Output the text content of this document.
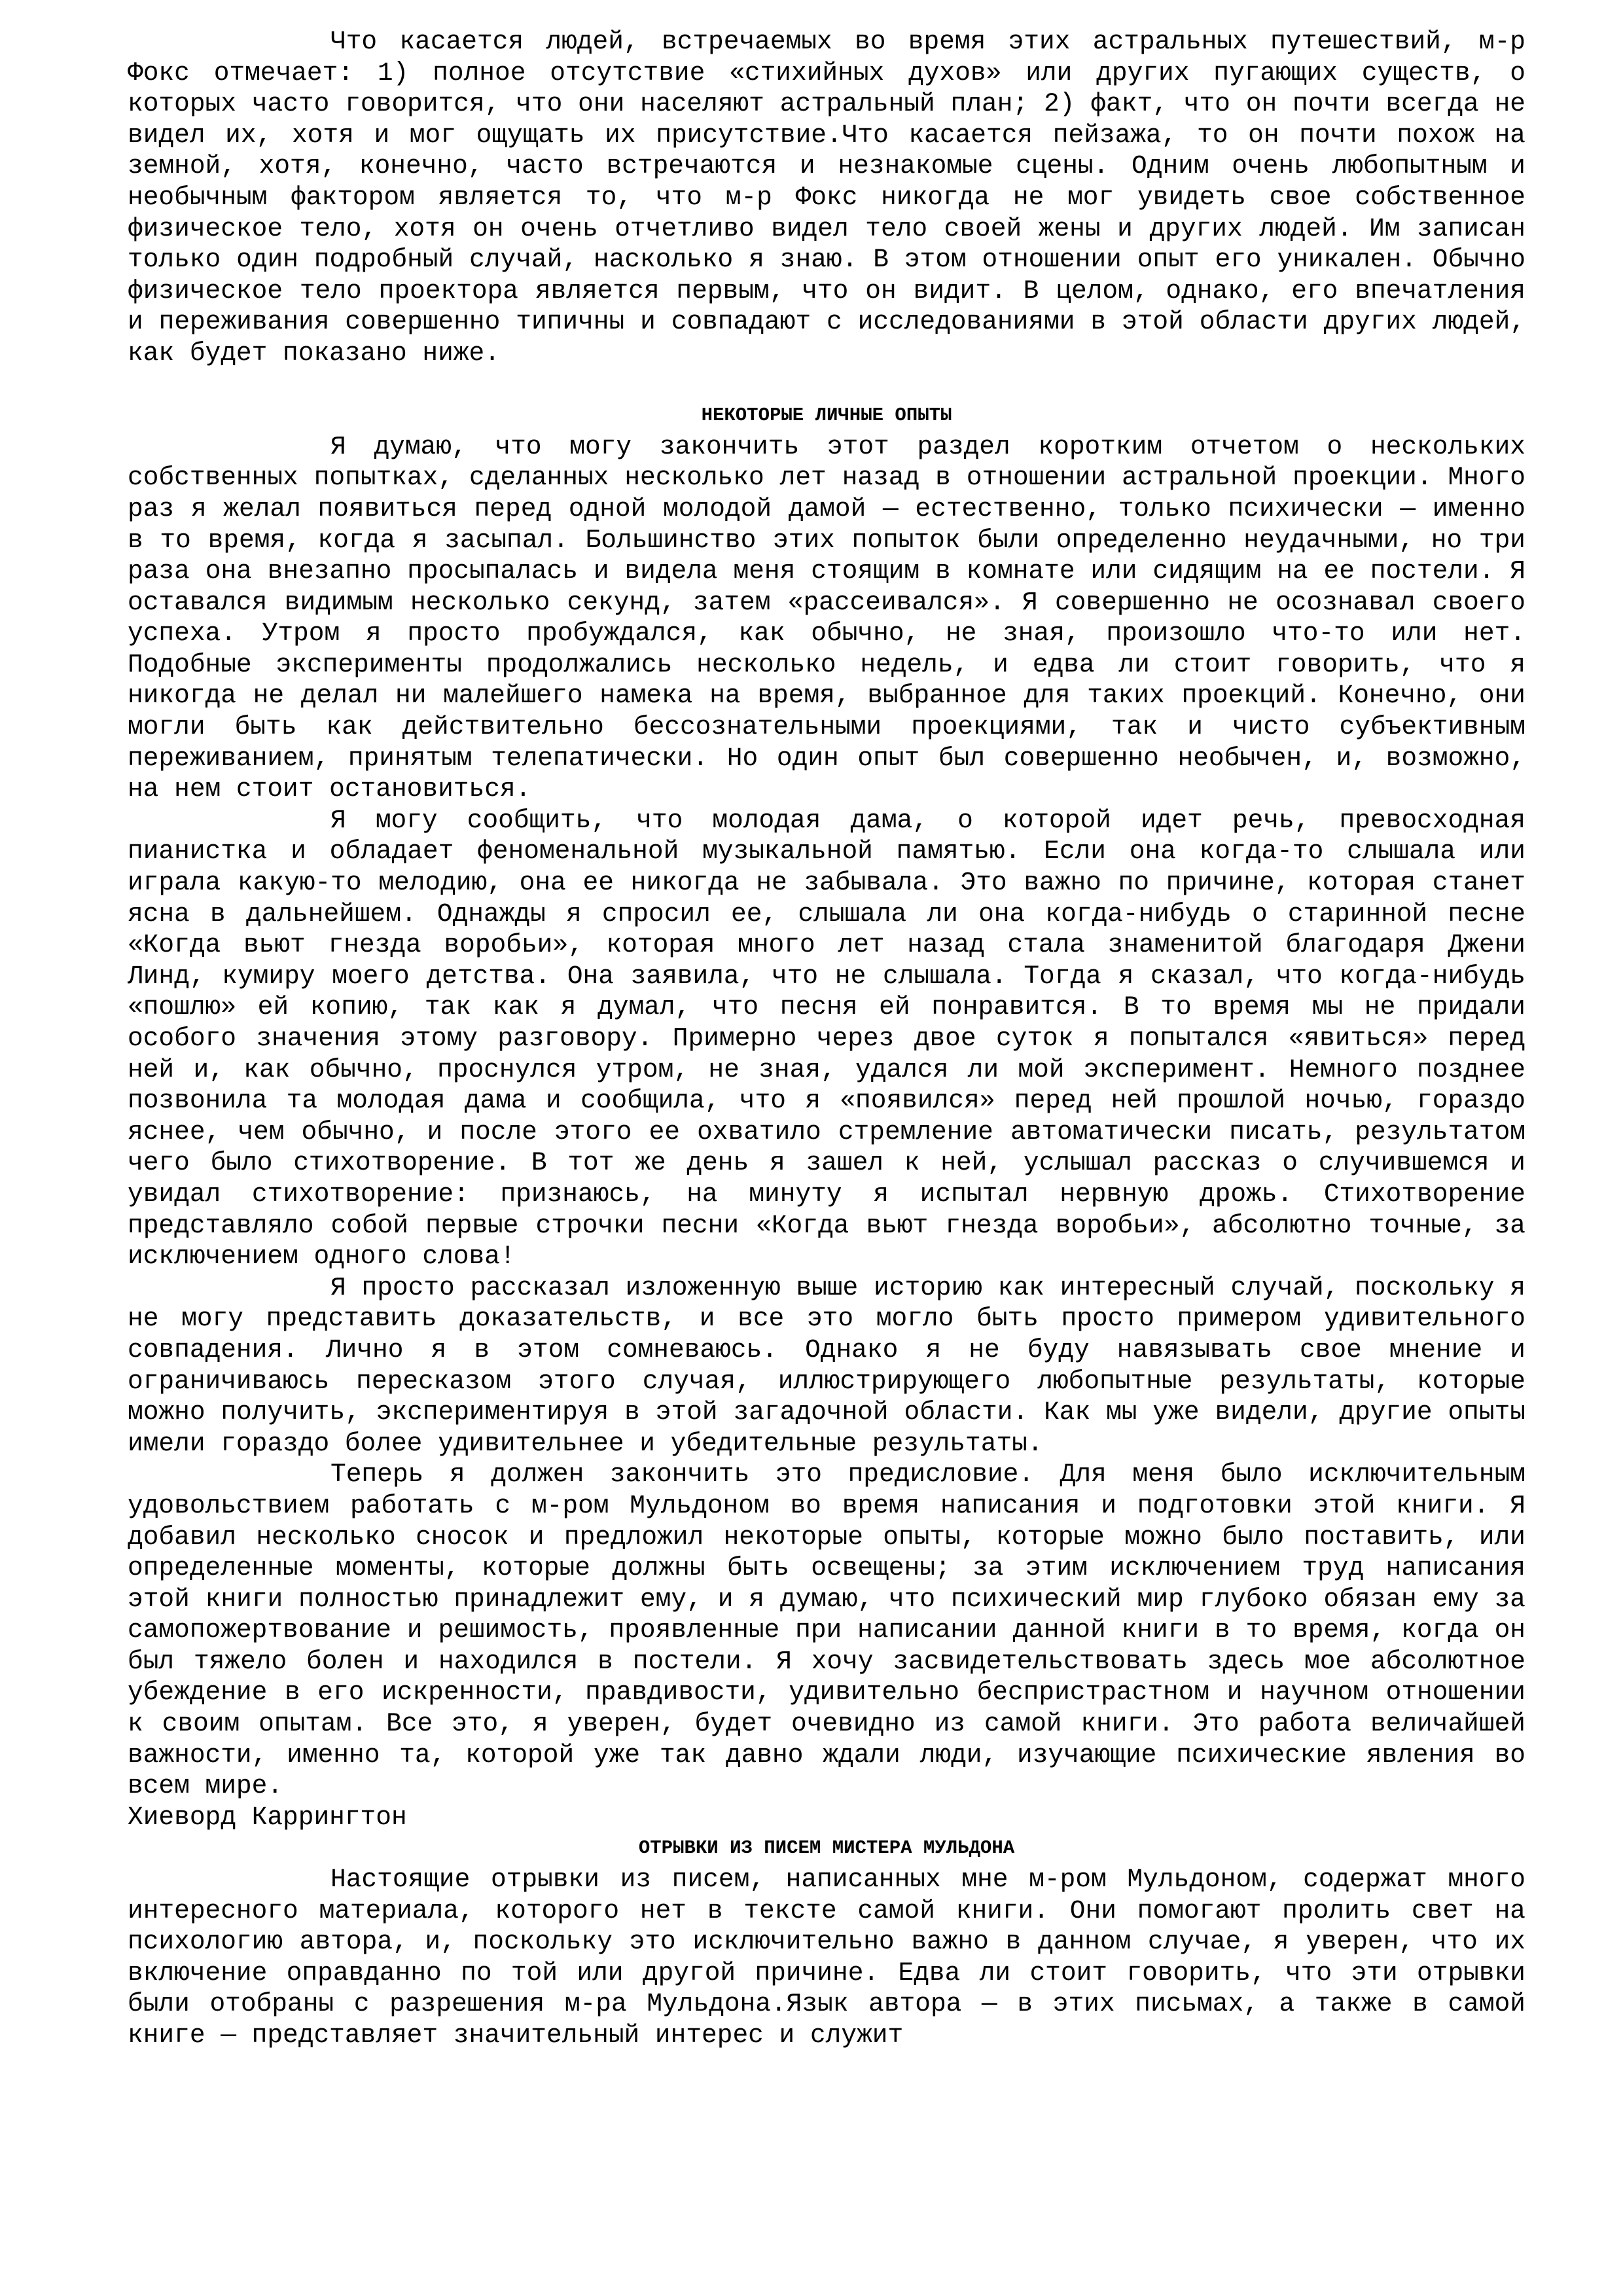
Что касается людей, встречаемых во время этих астральных путешествий, м-р Фокс отмечает: 1) полное отсутствие «стихийных духов» или других пугающих существ, о которых часто говорится, что они населяют астральный план; 2) факт, что он почти всегда не видел их, хотя и мог ощущать их присутствие.Что касается пейзажа, то он почти похож на земной, хотя, конечно, часто встречаются и незнакомые сцены. Одним очень любопытным и необычным фактором является то, что м-р Фокс никогда не мог увидеть свое собственное физическое тело, хотя он очень отчетливо видел тело своей жены и других людей. Им записан только один подробный случай, насколько я знаю. В этом отношении опыт его уникален. Обычно физическое тело проектора является первым, что он видит. В целом, однако, его впечатления и переживания совершенно типичны и совпадают с исследованиями в этой области других людей, как будет показано ниже.

НЕКОТОРЫЕ ЛИЧНЫЕ ОПЫТЫ

Я думаю, что могу закончить этот раздел коротким отчетом о нескольких собственных попытках, сделанных несколько лет назад в отношении астральной проекции. Много раз я желал появиться перед одной молодой дамой — естественно, только психически — именно в то время, когда я засыпал. Большинство этих попыток были определенно неудачными, но три раза она внезапно просыпалась и видела меня стоящим в комнате или сидящим на ее постели. Я оставался видимым несколько секунд, затем «рассеивался». Я совершенно не осознавал своего успеха. Утром я просто пробуждался, как обычно, не зная, произошло что-то или нет. Подобные эксперименты продолжались несколько недель, и едва ли стоит говорить, что я никогда не делал ни малейшего намека на время, выбранное для таких проекций. Конечно, они могли быть как действительно бессознательными проекциями, так и чисто субъективным переживанием, принятым телепатически. Но один опыт был совершенно необычен, и, возможно, на нем стоит остановиться.

Я могу сообщить, что молодая дама, о которой идет речь, превосходная пианистка и обладает феноменальной музыкальной памятью. Если она когда-то слышала или играла какую-то мелодию, она ее никогда не забывала. Это важно по причине, которая станет ясна в дальнейшем. Однажды я спросил ее, слышала ли она когда-нибудь о старинной песне «Когда вьют гнезда воробьи», которая много лет назад стала знаменитой благодаря Джени Линд, кумиру моего детства. Она заявила, что не слышала. Тогда я сказал, что когда-нибудь «пошлю» ей копию, так как я думал, что песня ей понравится. В то время мы не придали особого значения этому разговору. Примерно через двое суток я попытался «явиться» перед ней и, как обычно, проснулся утром, не зная, удался ли мой эксперимент. Немного позднее позвонила та молодая дама и сообщила, что я «появился» перед ней прошлой ночью, гораздо яснее, чем обычно, и после этого ее охватило стремление автоматически писать, результатом чего было стихотворение. В тот же день я зашел к ней, услышал рассказ о случившемся и увидал стихотворение: признаюсь, на минуту я испытал нервную дрожь. Стихотворение представляло собой первые строчки песни «Когда вьют гнезда воробьи», абсолютно точные, за исключением одного слова!

Я просто рассказал изложенную выше историю как интересный случай, поскольку я не могу представить доказательств, и все это могло быть просто примером удивительного совпадения. Лично я в этом сомневаюсь. Однако я не буду навязывать свое мнение и ограничиваюсь пересказом этого случая, иллюстрирующего любопытные результаты, которые можно получить, экспериментируя в этой загадочной области. Как мы уже видели, другие опыты имели гораздо более удивительнее и убедительные результаты.

Теперь я должен закончить это предисловие. Для меня было исключительным удовольствием работать с м-ром Мульдоном во время написания и подготовки этой книги. Я добавил несколько сносок и предложил некоторые опыты, которые можно было поставить, или определенные моменты, которые должны быть освещены; за этим исключением труд написания этой книги полностью принадлежит ему, и я думаю, что психический мир глубоко обязан ему за самопожертвование и решимость, проявленные при написании данной книги в то время, когда он был тяжело болен и находился в постели. Я хочу засвидетельствовать здесь мое абсолютное убеждение в его искренности, правдивости, удивительно беспристрастном и научном отношении к своим опытам. Все это, я уверен, будет очевидно из самой книги. Это работа величайшей важности, именно та, которой уже так давно ждали люди, изучающие психические явления во всем мире.

Хиеворд Каррингтон

ОТРЫВКИ ИЗ ПИСЕМ МИСТЕРА МУЛЬДОНА

Настоящие отрывки из писем, написанных мне м-ром Мульдоном, содержат много интересного материала, которого нет в тексте самой книги. Они помогают пролить свет на психологию автора, и, поскольку это исключительно важно в данном случае, я уверен, что их включение оправданно по той или другой причине. Едва ли стоит говорить, что эти отрывки были отобраны с разрешения м-ра Мульдона.Язык автора — в этих письмах, а также в самой книге — представляет значительный интерес и служит
